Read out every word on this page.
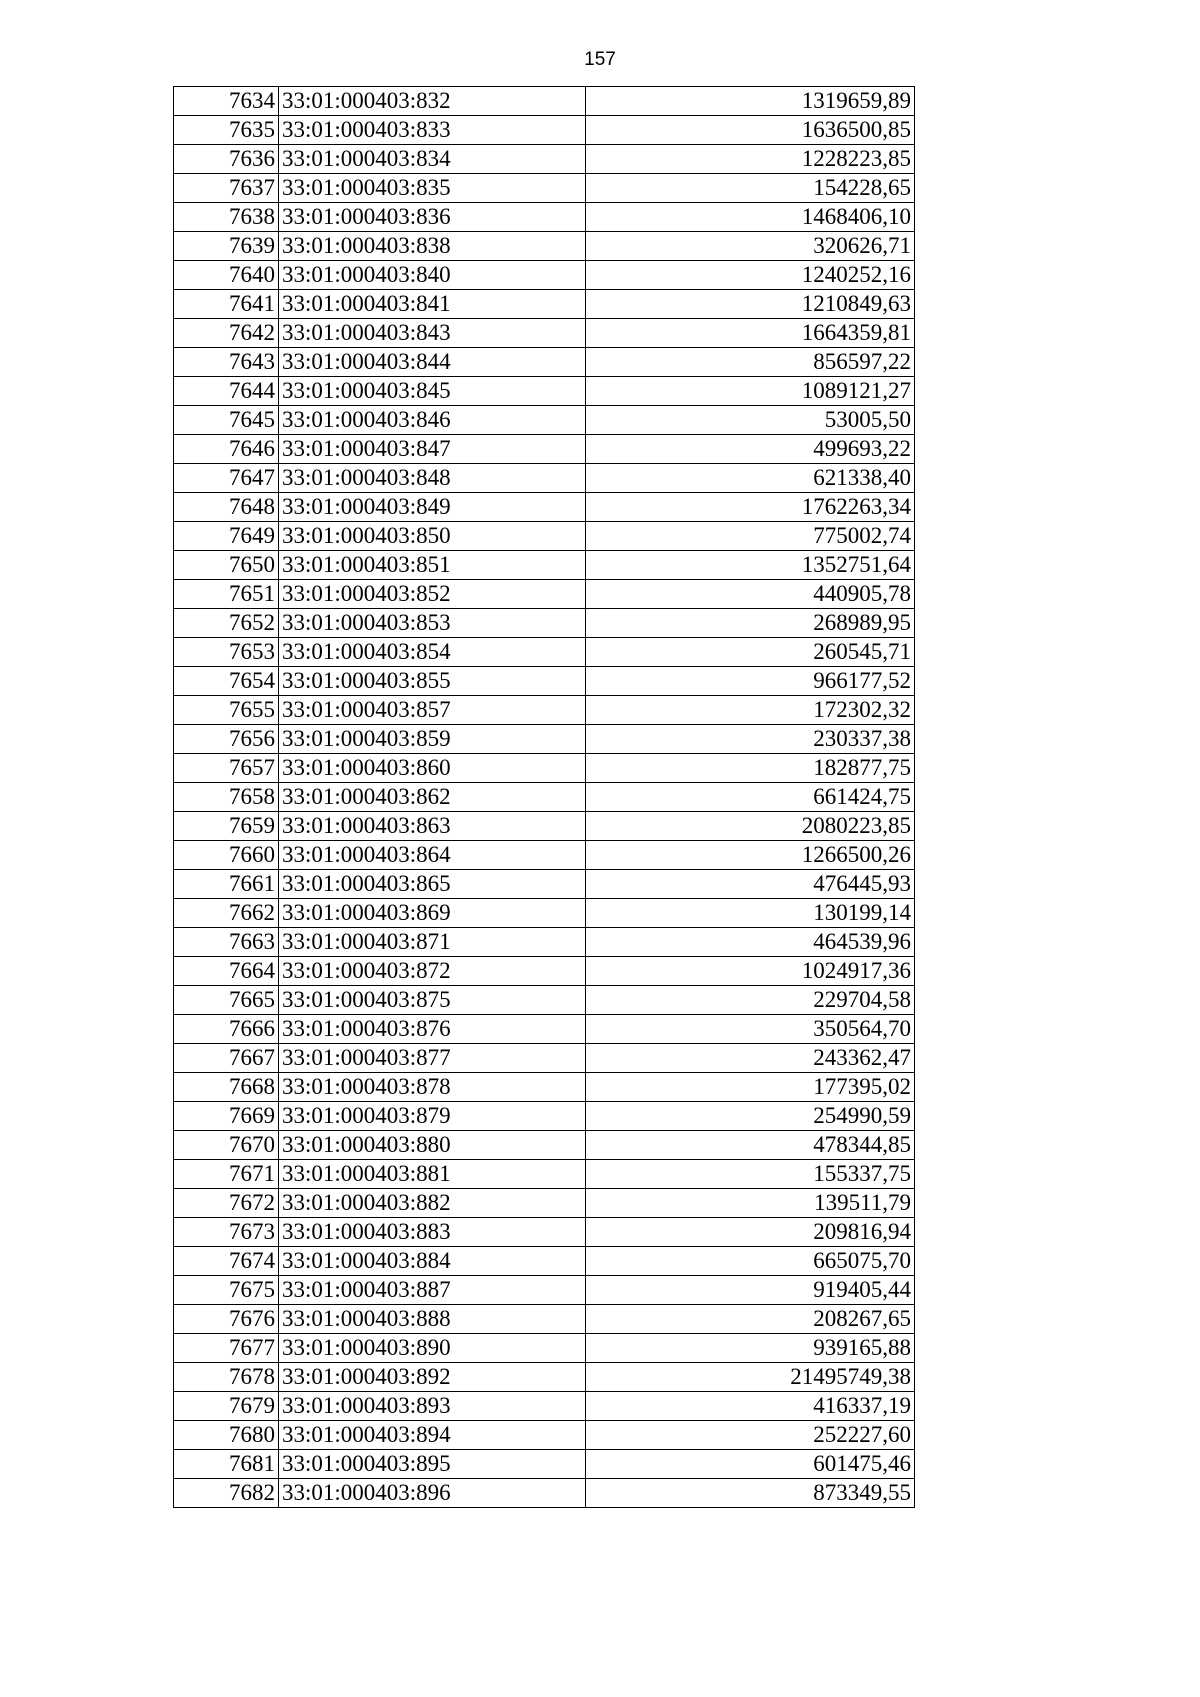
157
7634	33:01:000403:832	1319659,89
7635	33:01:000403:833	1636500,85
7636	33:01:000403:834	1228223,85
7637	33:01:000403:835	154228,65
7638	33:01:000403:836	1468406,10
7639	33:01:000403:838	320626,71
7640	33:01:000403:840	1240252,16
7641	33:01:000403:841	1210849,63
7642	33:01:000403:843	1664359,81
7643	33:01:000403:844	856597,22
7644	33:01:000403:845	1089121,27
7645	33:01:000403:846	53005,50
7646	33:01:000403:847	499693,22
7647	33:01:000403:848	621338,40
7648	33:01:000403:849	1762263,34
7649	33:01:000403:850	775002,74
7650	33:01:000403:851	1352751,64
7651	33:01:000403:852	440905,78
7652	33:01:000403:853	268989,95
7653	33:01:000403:854	260545,71
7654	33:01:000403:855	966177,52
7655	33:01:000403:857	172302,32
7656	33:01:000403:859	230337,38
7657	33:01:000403:860	182877,75
7658	33:01:000403:862	661424,75
7659	33:01:000403:863	2080223,85
7660	33:01:000403:864	1266500,26
7661	33:01:000403:865	476445,93
7662	33:01:000403:869	130199,14
7663	33:01:000403:871	464539,96
7664	33:01:000403:872	1024917,36
7665	33:01:000403:875	229704,58
7666	33:01:000403:876	350564,70
7667	33:01:000403:877	243362,47
7668	33:01:000403:878	177395,02
7669	33:01:000403:879	254990,59
7670	33:01:000403:880	478344,85
7671	33:01:000403:881	155337,75
7672	33:01:000403:882	139511,79
7673	33:01:000403:883	209816,94
7674	33:01:000403:884	665075,70
7675	33:01:000403:887	919405,44
7676	33:01:000403:888	208267,65
7677	33:01:000403:890	939165,88
7678	33:01:000403:892	21495749,38
7679	33:01:000403:893	416337,19
7680	33:01:000403:894	252227,60
7681	33:01:000403:895	601475,46
7682	33:01:000403:896	873349,55
